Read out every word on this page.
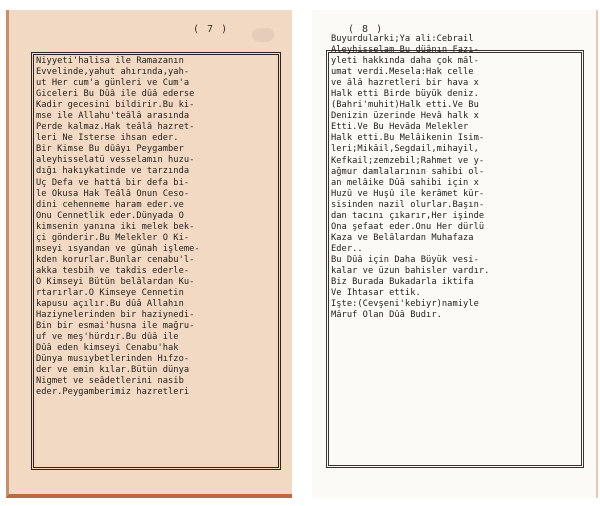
( 7 )
Niyyeti'halisa ile Ramazanın
Evvelinde,yahut ahırında,yah-
ut Her cum'a günleri ve Cum'a
Giceleri Bu Dûâ ile dûâ ederse
Kadir gecesini bildirir.Bu ki-
mse ile Allahu'teâlâ arasında
Perde kalmaz.Hak teâlâ hazret-
leri Ne İsterse ihsan eder.
Bir Kimse Bu dûâyı Peygamber
aleyhisselatü vesselamın huzu-
dığı hakıykatinde ve tarzında
Üç Defa ve hattâ bir defa bi-
le Okusa Hak Teâlâ Onun Ceso-
dini cehenneme haram eder.ve
Onu Cennetlik eder.Dünyada O
kimsenin yanına iki melek bek-
çi gönderir.Bu Melekler O Ki-
mseyi ısyandan ve günah işleme-
kden korurlar.Bunlar cenabu'l-
akka tesbih ve takdis ederle-
O Kimseyi Bütün belâlardan Ku-
rtarırlar.O Kimseye Cennetin
kapusu açılır.Bu dûâ Allahın
Haziynelerinden bir haziynedi-
Bin bir esmai'husna ile mağru-
uf ve meş'hürdır.Bu dûâ ile
Dûâ eden kimseyi Cenabu'hak
Dünya musıybetlerinden Hıfzo-
der ve emin kılar.Bütün dünya
Nigmet ve seâdetlerini nasib
eder.Peygamberimiz hazretleri
( 8 )
Buyurdularki;Ya ali:Cebrail
Aleyhisselam Bu düânın Fazı-
yleti hakkında daha çok mâl-
umat verdi.Mesela:Hak celle
ve âlâ hazretleri bir hava x
Halk etti Birde büyük deniz.
(Bahri'muhit)Halk etti.Ve Bu
Denizin üzerinde Hevâ halk x
Etti.Ve Bu Hevâda Melekler
Halk etti.Bu Melâikenin İsim-
leri;Mikâil,Segdail,mihayil,
Kefkail;zemzebil;Rahmet ve y-
ağmur damlalarının sahibi ol-
an melâike Dûâ sahibi için x
Huzû ve Huşû ile kerâmet kür-
sisinden nazil olurlar.Başın-
dan tacını çıkarır,Her işinde
Ona şefaat eder.Onu Her dürlü
Kaza ve Belâlardan Muhafaza
Eder..
Bu Dûâ için Daha Büyük vesi-
kalar ve üzun bahisler vardır.
Biz Burada Bukadarla iktifa
Ve İhtasar ettik.
İşte:(Cevşeni'kebiyr)namiyle
Mâruf Olan Dûâ Budır.
